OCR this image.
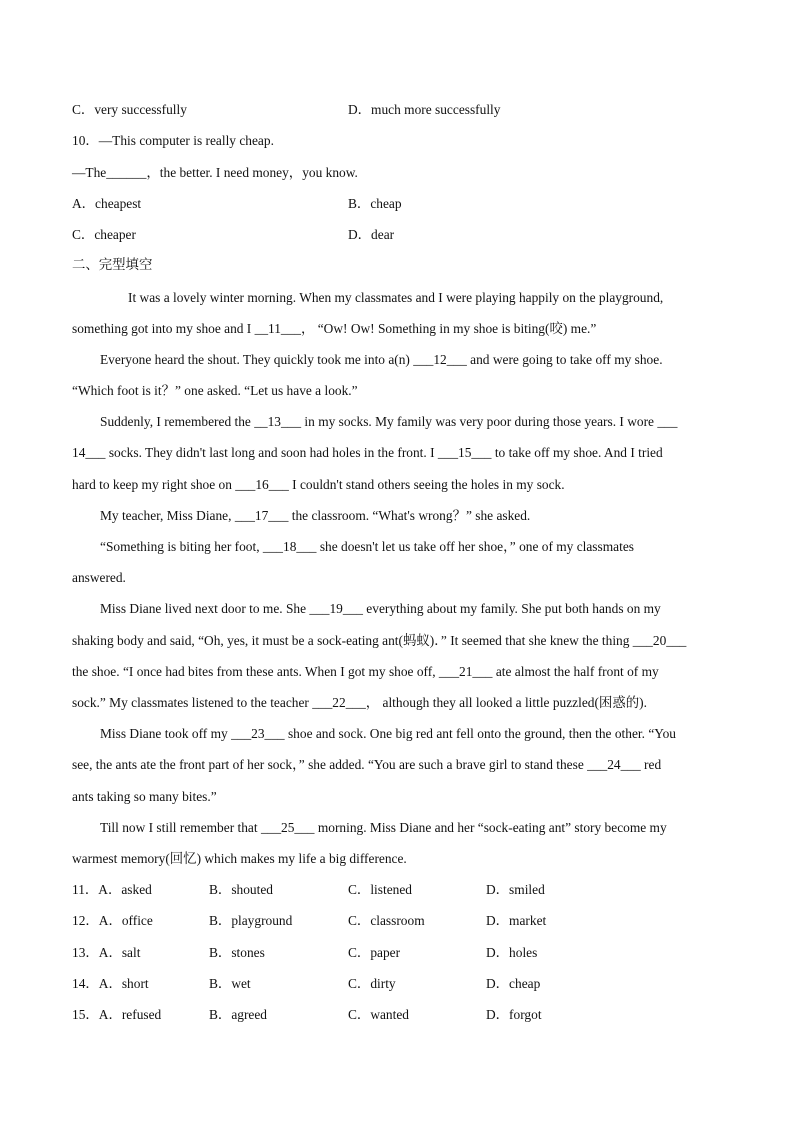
C．very successfully	D．much more successfully
10．—This computer is really cheap.
—The______，the better. I need money，you know.
A．cheapest	B．cheap
C．cheaper	D．dear
二、完型填空
It was a lovely winter morning. When my classmates and I were playing happily on the playground,
something got into my shoe and I __11___， “Ow! Ow! Something in my shoe is biting(咬) me.”
Everyone heard the shout. They quickly took me into a(n) ___12___ and were going to take off my shoe.
“Which foot is it？” one asked. “Let us have a look.”
Suddenly, I remembered the __13___ in my socks. My family was very poor during those years. I wore ___
14___ socks. They didn't last long and soon had holes in the front. I ___15___ to take off my shoe. And I tried
hard to keep my right shoe on ___16___ I couldn't stand others seeing the holes in my sock.
My teacher, Miss Diane, ___17___ the classroom. “What's wrong？” she asked.
“Something is biting her foot, ___18___ she doesn't let us take off her shoe，” one of my classmates
answered.
Miss Diane lived next door to me. She ___19___ everything about my family. She put both hands on my
shaking body and said, “Oh, yes, it must be a sock-eating ant(蚂蚁)．” It seemed that she knew the thing ___20___
the shoe. “I once had bites from these ants. When I got my shoe off, ___21___ ate almost the half front of my
sock.” My classmates listened to the teacher ___22___， although they all looked a little puzzled(困惑的).
Miss Diane took off my ___23___ shoe and sock. One big red ant fell onto the ground, then the other. “You
see, the ants ate the front part of her sock，” she added. “You are such a brave girl to stand these ___24___ red
ants taking so many bites.”
Till now I still remember that ___25___ morning. Miss Diane and her “sock-eating ant” story become my
warmest memory(回忆) which makes my life a big difference.
11．A．asked	B．shouted	C．listened	D．smiled
12．A．office	B．playground	C．classroom	D．market
13．A．salt	B．stones	C．paper	D．holes
14．A．short	B．wet	C．dirty	D．cheap
15．A．refused	B．agreed	C．wanted	D．forgot
